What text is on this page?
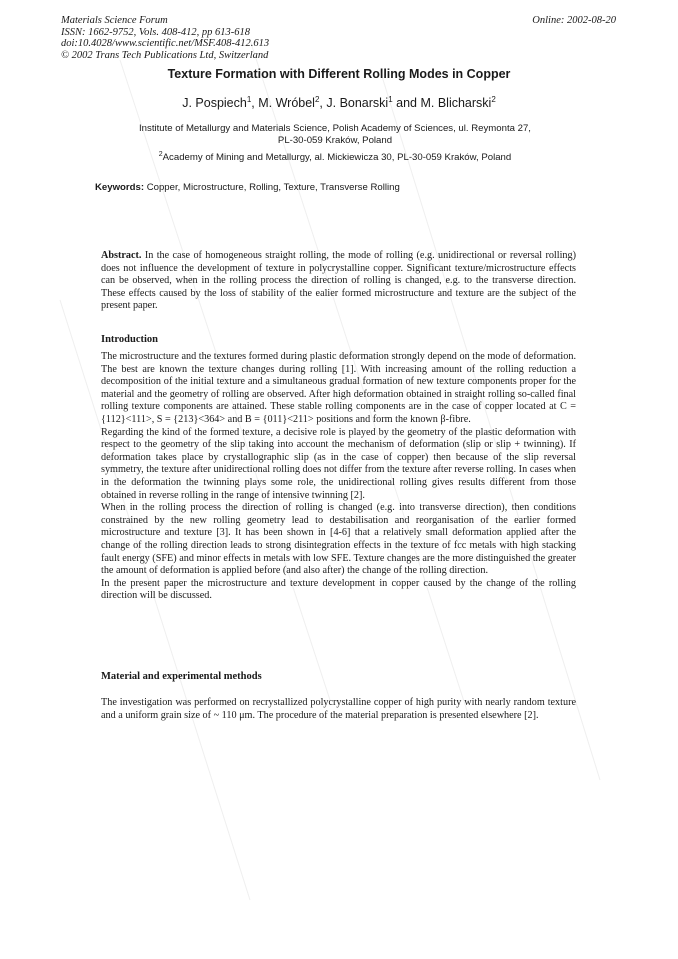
Materials Science Forum
ISSN: 1662-9752, Vols. 408-412, pp 613-618
doi:10.4028/www.scientific.net/MSF.408-412.613
© 2002 Trans Tech Publications Ltd, Switzerland
Online: 2002-08-20
Texture Formation with Different Rolling Modes in Copper
J. Pospiech$^1$, M. Wróbel$^2$, J. Bonarski$^1$ and M. Blicharski$^2$
Institute of Metallurgy and Materials Science, Polish Academy of Sciences, ul. Reymonta 27,
PL-30-059 Kraków, Poland
$^2$Academy of Mining and Metallurgy, al. Mickiewicza 30, PL-30-059 Kraków, Poland
Keywords: Copper, Microstructure, Rolling, Texture, Transverse Rolling
Abstract. In the case of homogeneous straight rolling, the mode of rolling (e.g. unidirectional or reversal rolling) does not influence the development of texture in polycrystalline copper. Significant texture/microstructure effects can be observed, when in the rolling process the direction of rolling is changed, e.g. to the transverse direction. These effects caused by the loss of stability of the ealier formed microstructure and texture are the subject of the present paper.
Introduction
The microstructure and the textures formed during plastic deformation strongly depend on the mode of deformation. The best are known the texture changes during rolling [1]. With increasing amount of the rolling reduction a decomposition of the initial texture and a simultaneous gradual formation of new texture components proper for the material and the geometry of rolling are observed. After high deformation obtained in straight rolling so-called final rolling texture components are attained. These stable rolling components are in the case of copper located at C = {112}<111>, S = {213}<364> and B = {011}<211> positions and form the known β-fibre.
Regarding the kind of the formed texture, a decisive role is played by the geometry of the plastic deformation with respect to the geometry of the slip taking into account the mechanism of deformation (slip or slip + twinning). If deformation takes place by crystallographic slip (as in the case of copper) then because of the slip reversal symmetry, the texture after unidirectional rolling does not differ from the texture after reverse rolling. In cases when in the deformation the twinning plays some role, the unidirectional rolling gives results different from those obtained in reverse rolling in the range of intensive twinning [2].
When in the rolling process the direction of rolling is changed (e.g. into transverse direction), then conditions constrained by the new rolling geometry lead to destabilisation and reorganisation of the earlier formed microstructure and texture [3]. It has been shown in [4-6] that a relatively small deformation applied after the change of the rolling direction leads to strong disintegration effects in the texture of fcc metals with high stacking fault energy (SFE) and minor effects in metals with low SFE. Texture changes are the more distinguished the greater the amount of deformation is applied before (and also after) the change of the rolling direction.
In the present paper the microstructure and texture development in copper caused by the change of the rolling direction will be discussed.
Material and experimental methods
The investigation was performed on recrystallized polycrystalline copper of high purity with nearly random texture and a uniform grain size of ~ 110 μm. The procedure of the material preparation is presented elsewhere [2].
